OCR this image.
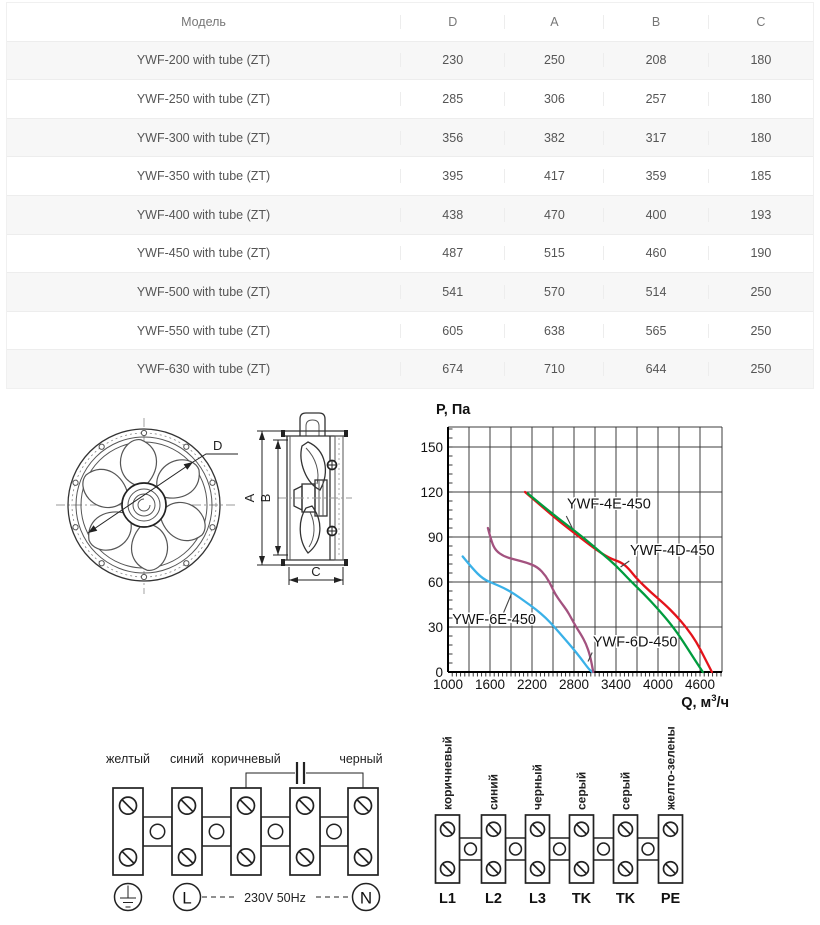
Модель	D	A	B	C
YWF-200 with tube (ZT)	230	250	208	180
YWF-250 with tube (ZT)	285	306	257	180
YWF-300 with tube (ZT)	356	382	317	180
YWF-350 with tube (ZT)	395	417	359	185
YWF-400 with tube (ZT)	438	470	400	193
YWF-450 with tube (ZT)	487	515	460	190
YWF-500 with tube (ZT)	541	570	514	250
YWF-550 with tube (ZT)	605	638	565	250
YWF-630 with tube (ZT)	674	710	644	250
D
A B
C
1000 1600 2200 2800 3400 4000 4600
0
30
60
90
120
150
YWF-4E-450
YWF-4D-450
YWF-6E-450
YWF-6D-450
P, Па
Q, $м^3/ч$
желтый синий коричневый	черный
L	230V 50Hz	N
коричневый
L1
синий
L2
черный
L3
серый
TK
серый
TK
желто-зелены
PE
